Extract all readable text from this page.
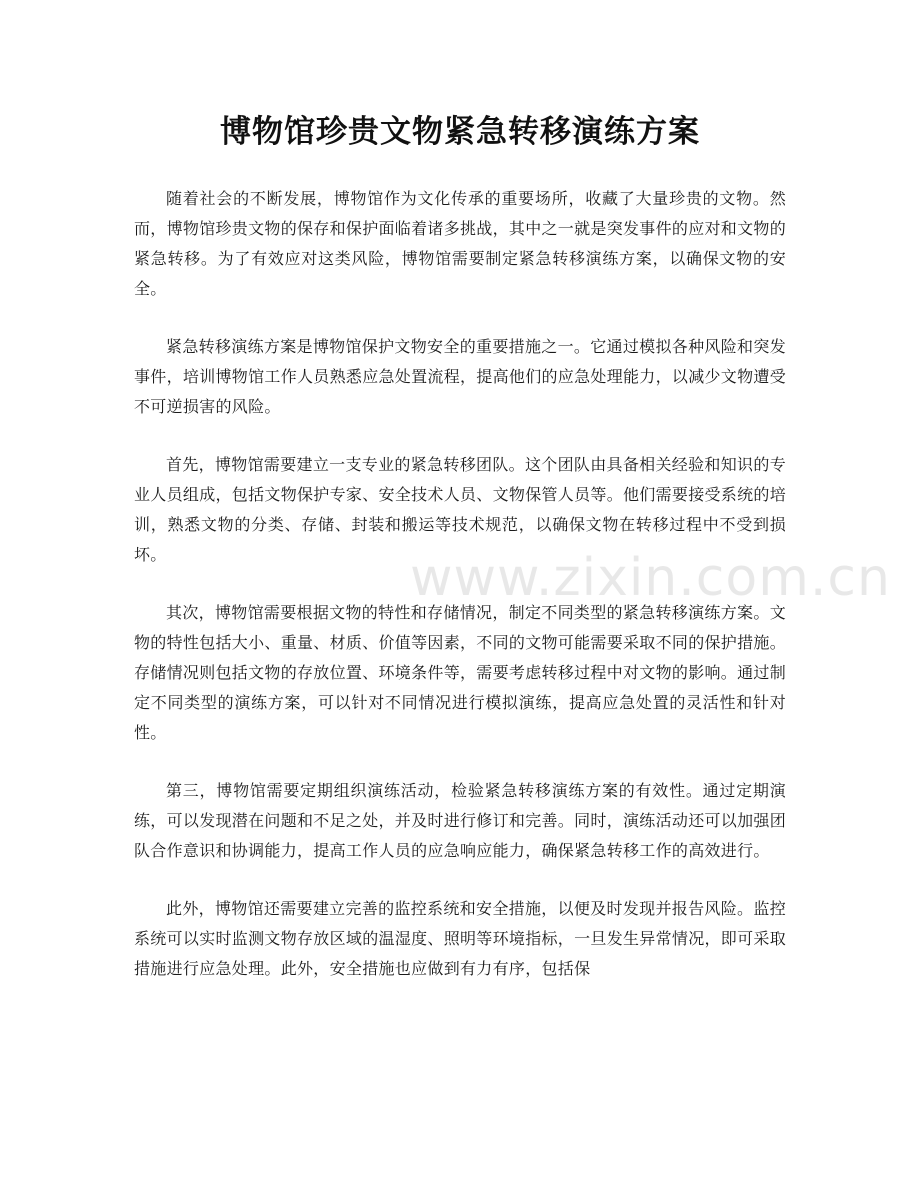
博物馆珍贵文物紧急转移演练方案

随着社会的不断发展，博物馆作为文化传承的重要场所，收藏了大量珍贵的文物。然而，博物馆珍贵文物的保存和保护面临着诸多挑战，其中之一就是突发事件的应对和文物的紧急转移。为了有效应对这类风险，博物馆需要制定紧急转移演练方案，以确保文物的安全。

紧急转移演练方案是博物馆保护文物安全的重要措施之一。它通过模拟各种风险和突发事件，培训博物馆工作人员熟悉应急处置流程，提高他们的应急处理能力，以减少文物遭受不可逆损害的风险。

首先，博物馆需要建立一支专业的紧急转移团队。这个团队由具备相关经验和知识的专业人员组成，包括文物保护专家、安全技术人员、文物保管人员等。他们需要接受系统的培训，熟悉文物的分类、存储、封装和搬运等技术规范，以确保文物在转移过程中不受到损坏。

其次，博物馆需要根据文物的特性和存储情况，制定不同类型的紧急转移演练方案。文物的特性包括大小、重量、材质、价值等因素，不同的文物可能需要采取不同的保护措施。存储情况则包括文物的存放位置、环境条件等，需要考虑转移过程中对文物的影响。通过制定不同类型的演练方案，可以针对不同情况进行模拟演练，提高应急处置的灵活性和针对性。

第三，博物馆需要定期组织演练活动，检验紧急转移演练方案的有效性。通过定期演练，可以发现潜在问题和不足之处，并及时进行修订和完善。同时，演练活动还可以加强团队合作意识和协调能力，提高工作人员的应急响应能力，确保紧急转移工作的高效进行。

此外，博物馆还需要建立完善的监控系统和安全措施，以便及时发现并报告风险。监控系统可以实时监测文物存放区域的温湿度、照明等环境指标，一旦发生异常情况，即可采取措施进行应急处理。此外，安全措施也应做到有力有序，包括保

www.zixin.com.cn
